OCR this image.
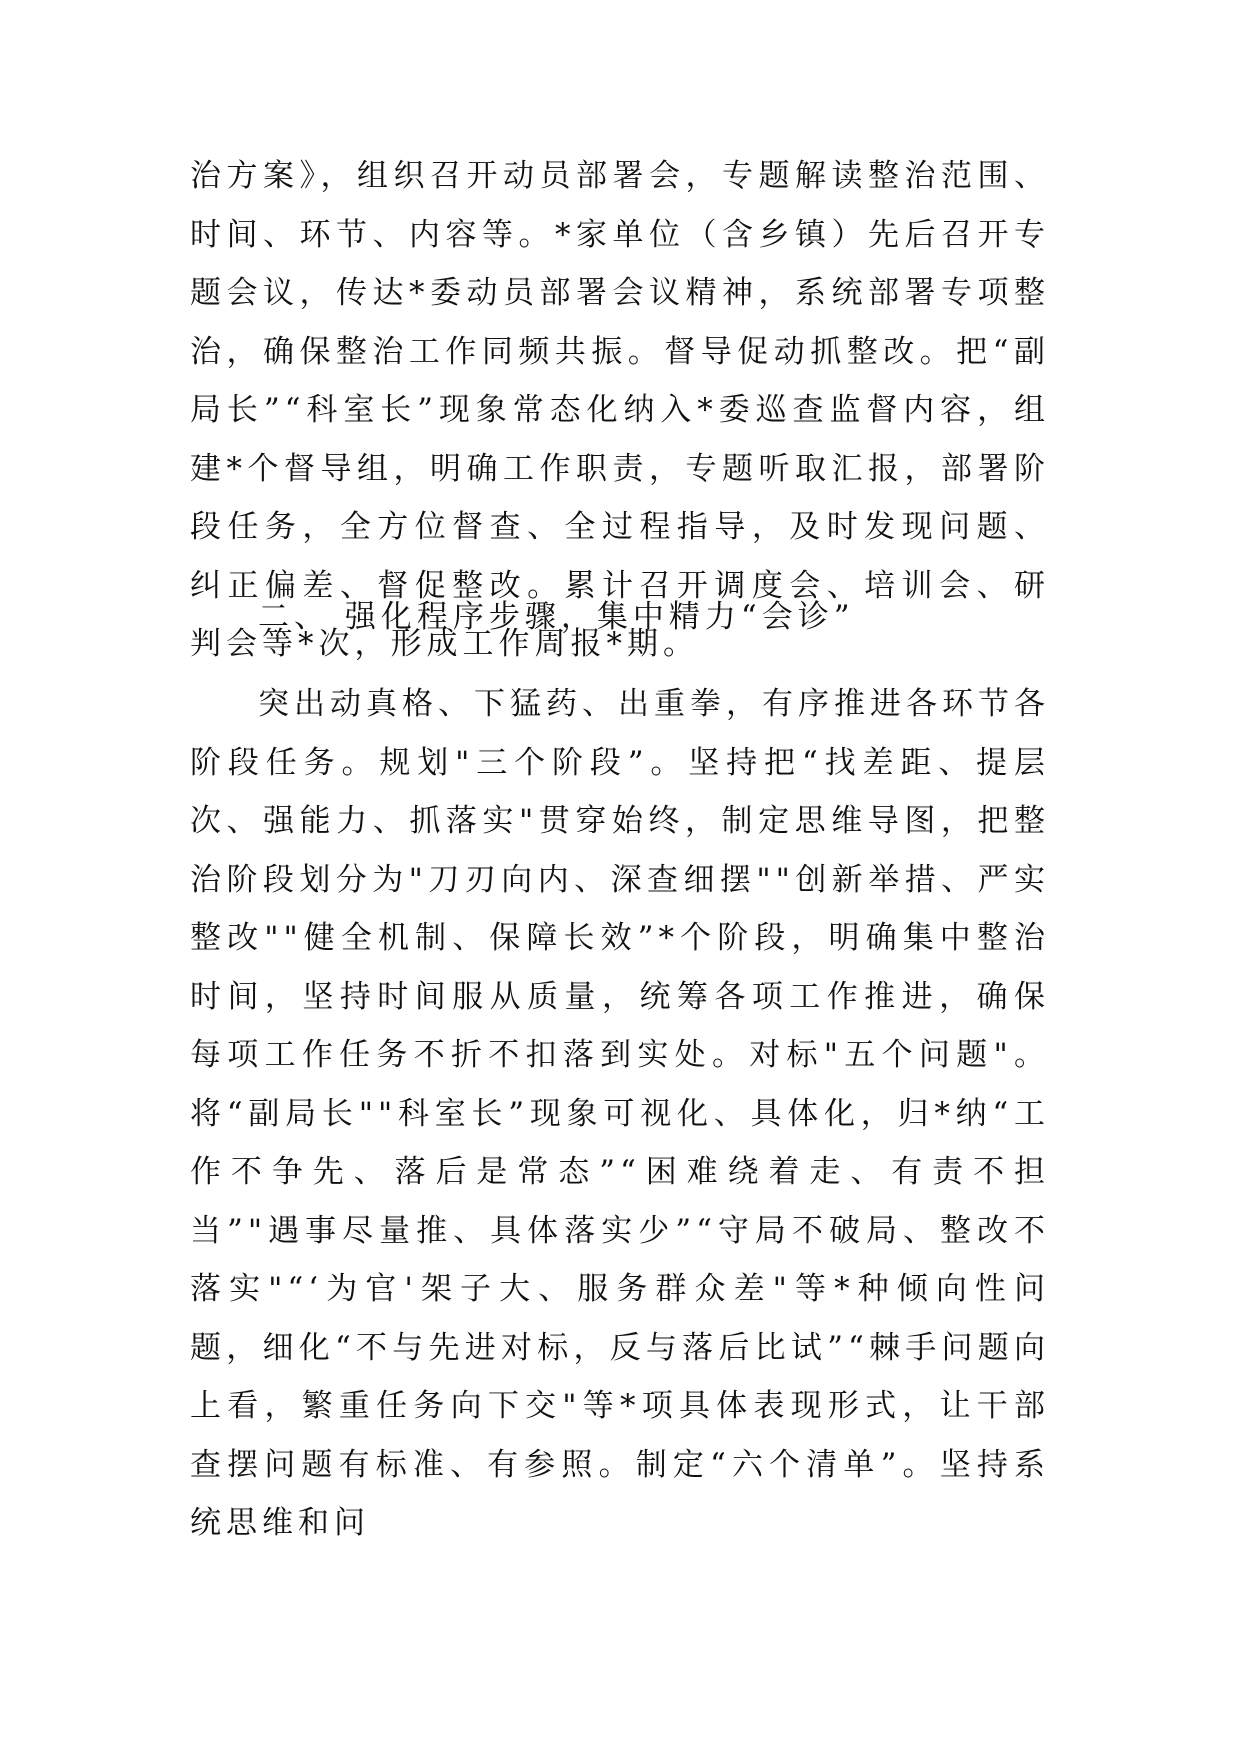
治方案》，组织召开动员部署会，专题解读整治范围、时间、环节、内容等。*家单位（含乡镇）先后召开专题会议，传达*委动员部署会议精神，系统部署专项整治，确保整治工作同频共振。督导促动抓整改。把“副局长”“科室长”现象常态化纳入*委巡查监督内容，组建*个督导组，明确工作职责，专题听取汇报，部署阶段任务，全方位督查、全过程指导，及时发现问题、纠正偏差、督促整改。累计召开调度会、培训会、研判会等*次，形成工作周报*期。

二、 强化程序步骤，集中精力“会诊”

突出动真格、下猛药、出重拳，有序推进各环节各阶段任务。规划"三个阶段”。坚持把“找差距、提层次、强能力、抓落实"贯穿始终，制定思维导图，把整治阶段划分为"刀刃向内、深查细摆""创新举措、严实整改""健全机制、保障长效”*个阶段，明确集中整治时间，坚持时间服从质量，统筹各项工作推进，确保每项工作任务不折不扣落到实处。对标"五个问题"。将“副局长""科室长”现象可视化、具体化，归*纳“工作不争先、落后是常态”“困难绕着走、有责不担当”"遇事尽量推、具体落实少”“守局不破局、整改不落实"“‘为官'架子大、服务群众差"等*种倾向性问题，细化“不与先进对标，反与落后比试”“棘手问题向上看，繁重任务向下交"等*项具体表现形式，让干部查摆问题有标准、有参照。制定“六个清单”。坚持系统思维和问
